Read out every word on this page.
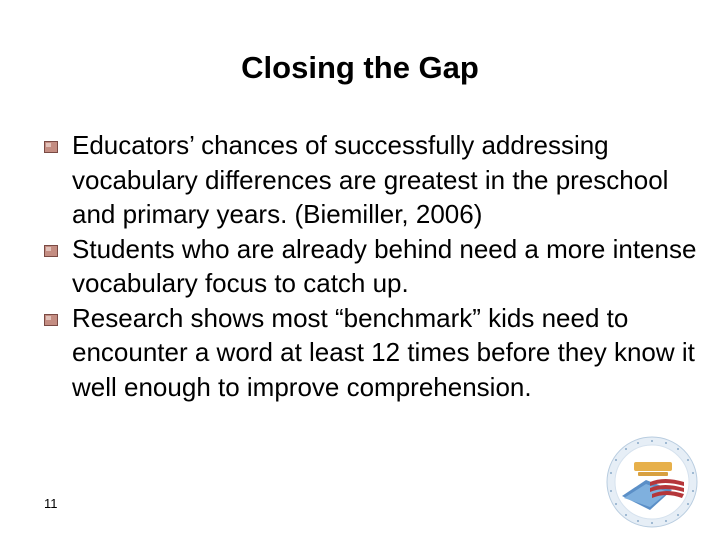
Closing the Gap
Educators’ chances of successfully addressing vocabulary differences are greatest in the preschool and primary years. (Biemiller, 2006)
Students who are already behind need a more intense vocabulary focus to catch up.
Research shows most “benchmark” kids need to encounter a word at least 12 times before they know it well enough to improve comprehension.
11
